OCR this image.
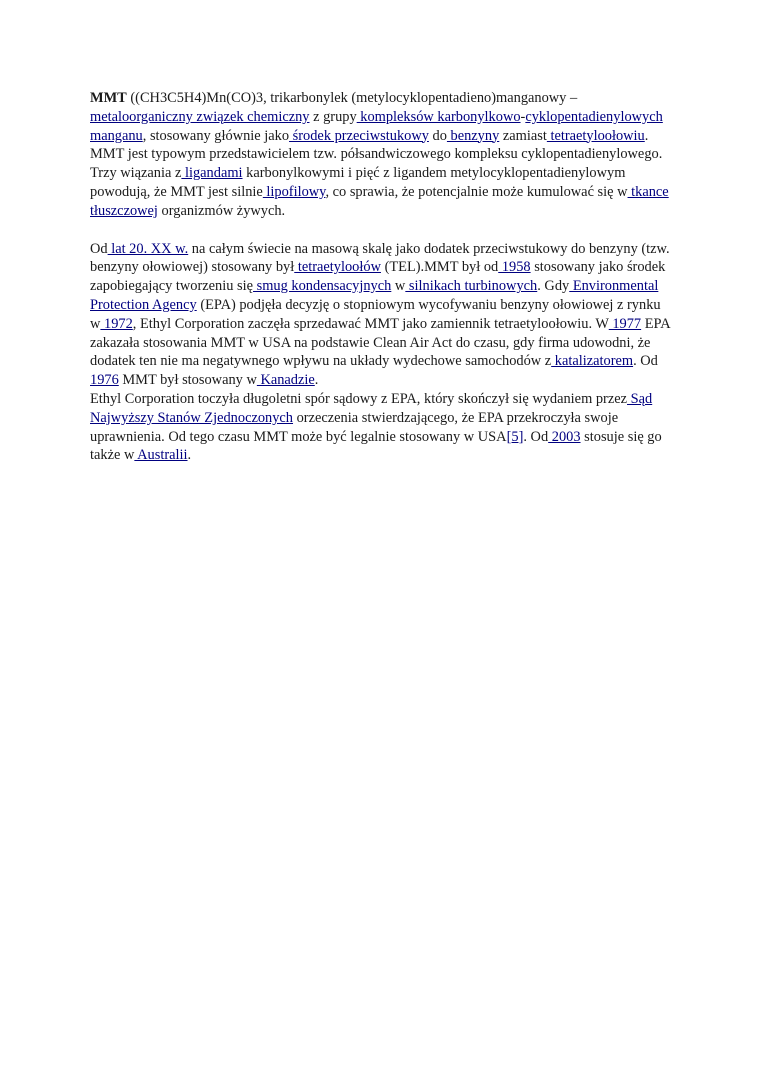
MMT ((CH3C5H4)Mn(CO)3, trikarbonylek (metylocyklopentadieno)manganowy – metaloorganiczny związek chemiczny z grupy kompleksów karbonylkowo-cyklopentadienylowych manganu, stosowany głównie jako środek przeciwstukowy do benzyny zamiast tetraetyloołowiu. MMT jest typowym przedstawicielem tzw. półsandwiczowego kompleksu cyklopentadienylowego. Trzy wiązania z ligandami karbonylkowymi i pięć z ligandem metylocyklopentadienylowym powodują, że MMT jest silnie lipofilowy, co sprawia, że potencjalnie może kumulować się w tkance tłuszczowej organizmów żywych.

Od lat 20. XX w. na całym świecie na masową skalę jako dodatek przeciwstukowy do benzyny (tzw. benzyny ołowiowej) stosowany był tetraetyloołów (TEL).MMT był od 1958 stosowany jako środek zapobiegający tworzeniu się smug kondensacyjnych w silnikach turbinowych. Gdy Environmental Protection Agency (EPA) podjęła decyzję o stopniowym wycofywaniu benzyny ołowiowej z rynku w 1972, Ethyl Corporation zaczęła sprzedawać MMT jako zamiennik tetraetyloołowiu. W 1977 EPA zakazała stosowania MMT w USA na podstawie Clean Air Act do czasu, gdy firma udowodni, że dodatek ten nie ma negatywnego wpływu na układy wydechowe samochodów z katalizatorem. Od 1976 MMT był stosowany w Kanadzie.

Ethyl Corporation toczyła długoletni spór sądowy z EPA, który skończył się wydaniem przez Sąd Najwyższy Stanów Zjednoczonych orzeczenia stwierdzającego, że EPA przekroczyła swoje uprawnienia. Od tego czasu MMT może być legalnie stosowany w USA[5]. Od 2003 stosuje się go także w Australii.
